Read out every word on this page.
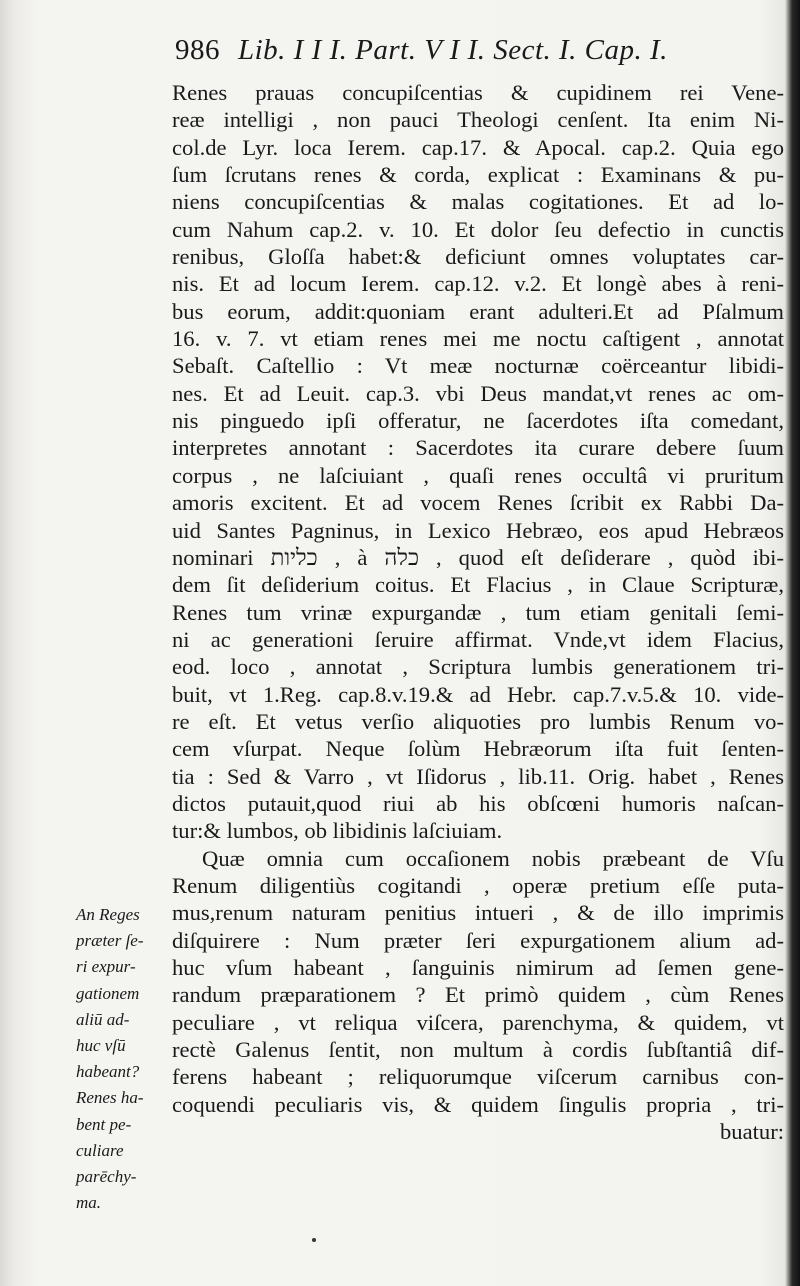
986 Lib. I I I. Part. V I I. Sect. I. Cap. I.
Renes prauas concupiſcentias & cupidinem rei Vene-
reæ intelligi , non pauci Theologi cenſent. Ita enim Ni-
col.de Lyr. loca Ierem. cap.17. & Apocal. cap.2. Quia ego
ſum ſcrutans renes & corda, explicat : Examinans & pu-
niens concupiſcentias & malas cogitationes. Et ad lo-
cum Nahum cap.2. v. 10. Et dolor ſeu defectio in cunctis
renibus, Gloſſa habet:& deficiunt omnes voluptates car-
nis. Et ad locum Ierem. cap.12. v.2. Et longè abes à reni-
bus eorum, addit:quoniam erant adulteri.Et ad Pſalmum
16. v. 7. vt etiam renes mei me noctu caſtigent , annotat
Sebaſt. Caſtellio : Vt meæ nocturnæ coërceantur libidi-
nes. Et ad Leuit. cap.3. vbi Deus mandat,vt renes ac om-
nis pinguedo ipſi offeratur, ne ſacerdotes iſta comedant,
interpretes annotant : Sacerdotes ita curare debere ſuum
corpus , ne laſciuiant , quaſi renes occultâ vi pruritum
amoris excitent. Et ad vocem Renes ſcribit ex Rabbi Da-
uid Santes Pagninus, in Lexico Hebræo, eos apud Hebræos
nominari כליות , à כלה , quod eſt deſiderare , quòd ibi-
dem ſit deſiderium coitus. Et Flacius , in Claue Scripturæ,
Renes tum vrinæ expurgandæ , tum etiam genitali ſemi-
ni ac generationi ſeruire affirmat. Vnde,vt idem Flacius,
eod. loco , annotat , Scriptura lumbis generationem tri-
buit, vt 1.Reg. cap.8.v.19.& ad Hebr. cap.7.v.5.& 10. vide-
re eſt. Et vetus verſio aliquoties pro lumbis Renum vo-
cem vſurpat. Neque ſolùm Hebræorum iſta fuit ſenten-
tia : Sed & Varro , vt Iſidorus , lib.11. Orig. habet , Renes
dictos putauit,quod riui ab his obſcœni humoris naſcan-
tur:& lumbos, ob libidinis laſciuiam.
Quæ omnia cum occaſionem nobis præbeant de Vſu
Renum diligentiùs cogitandi , operæ pretium eſſe puta-
mus,renum naturam penitius intueri , & de illo imprimis
diſquirere : Num præter ſeri expurgationem alium ad-
huc vſum habeant , ſanguinis nimirum ad ſemen gene-
randum præparationem ? Et primò quidem , cùm Renes
peculiare , vt reliqua viſcera, parenchyma, & quidem, vt
rectè Galenus ſentit, non multum à cordis ſubſtantiâ dif-
ferens habeant ; reliquorumque viſcerum carnibus con-
coquendi peculiaris vis, & quidem ſingulis propria , tri-
buatur:
An Reges
præter ſe-
ri expur-
gationem
aliū ad-
huc vſū
habeant?
Renes ha-
bent pe-
culiare
parēchy-
ma.
